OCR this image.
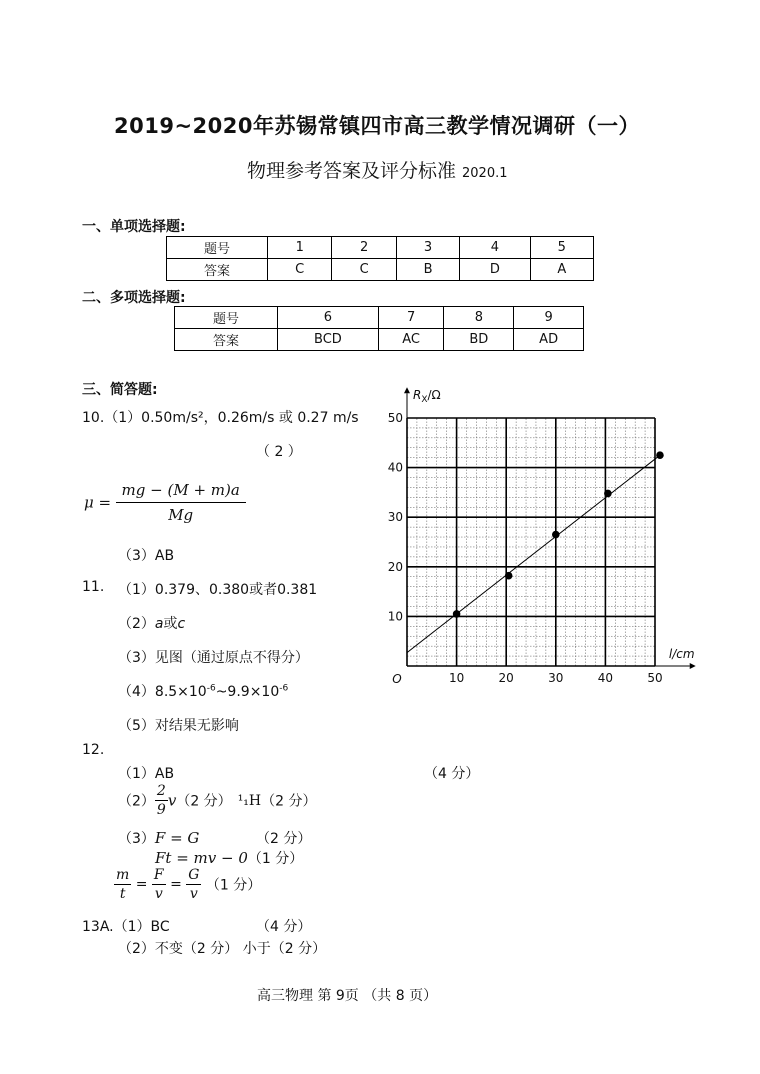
2019~2020年苏锡常镇四市高三教学情况调研（一）
物理参考答案及评分标准 2020.1
一、单项选择题:
题号	1	2	3	4	5
答案	C	C	B	D	A
二、多项选择题:
题号	6	7	8	9
答案	BCD	AC	BD	AD
三、简答题:
10.（1）0.50m/s²，0.26m/s 或 0.27 m/s
（ 2 ）
$\mu = \frac{mg - (M + m)a}{Mg}$
（3）AB
11. （1）0.379、0.380或者0.381
（2）a或c
（3）见图（通过原点不得分）
$(4)8.5\times 10^{-6}\sim 9.9\times 10^{-6}$
（5）对结果无影响
12.
（1）AB	（4 分）
$(2) \frac{2}{9} v(2$ 分） ¹₁H（2 分）
（3）F = G	（2 分）
Ft = mv − 0（1 分）
$\frac{m}{t} = \frac{F}{v} = \frac{G}{v} (1$ 分）
13A.（1）BC	（4 分）
（2）不变（2 分） 小于（2 分）
高三物理 第 9页 （共 8 页）
10	20	30	40	50
10
20
30
40
50
O
l/cm
$R_X/\Omega$
